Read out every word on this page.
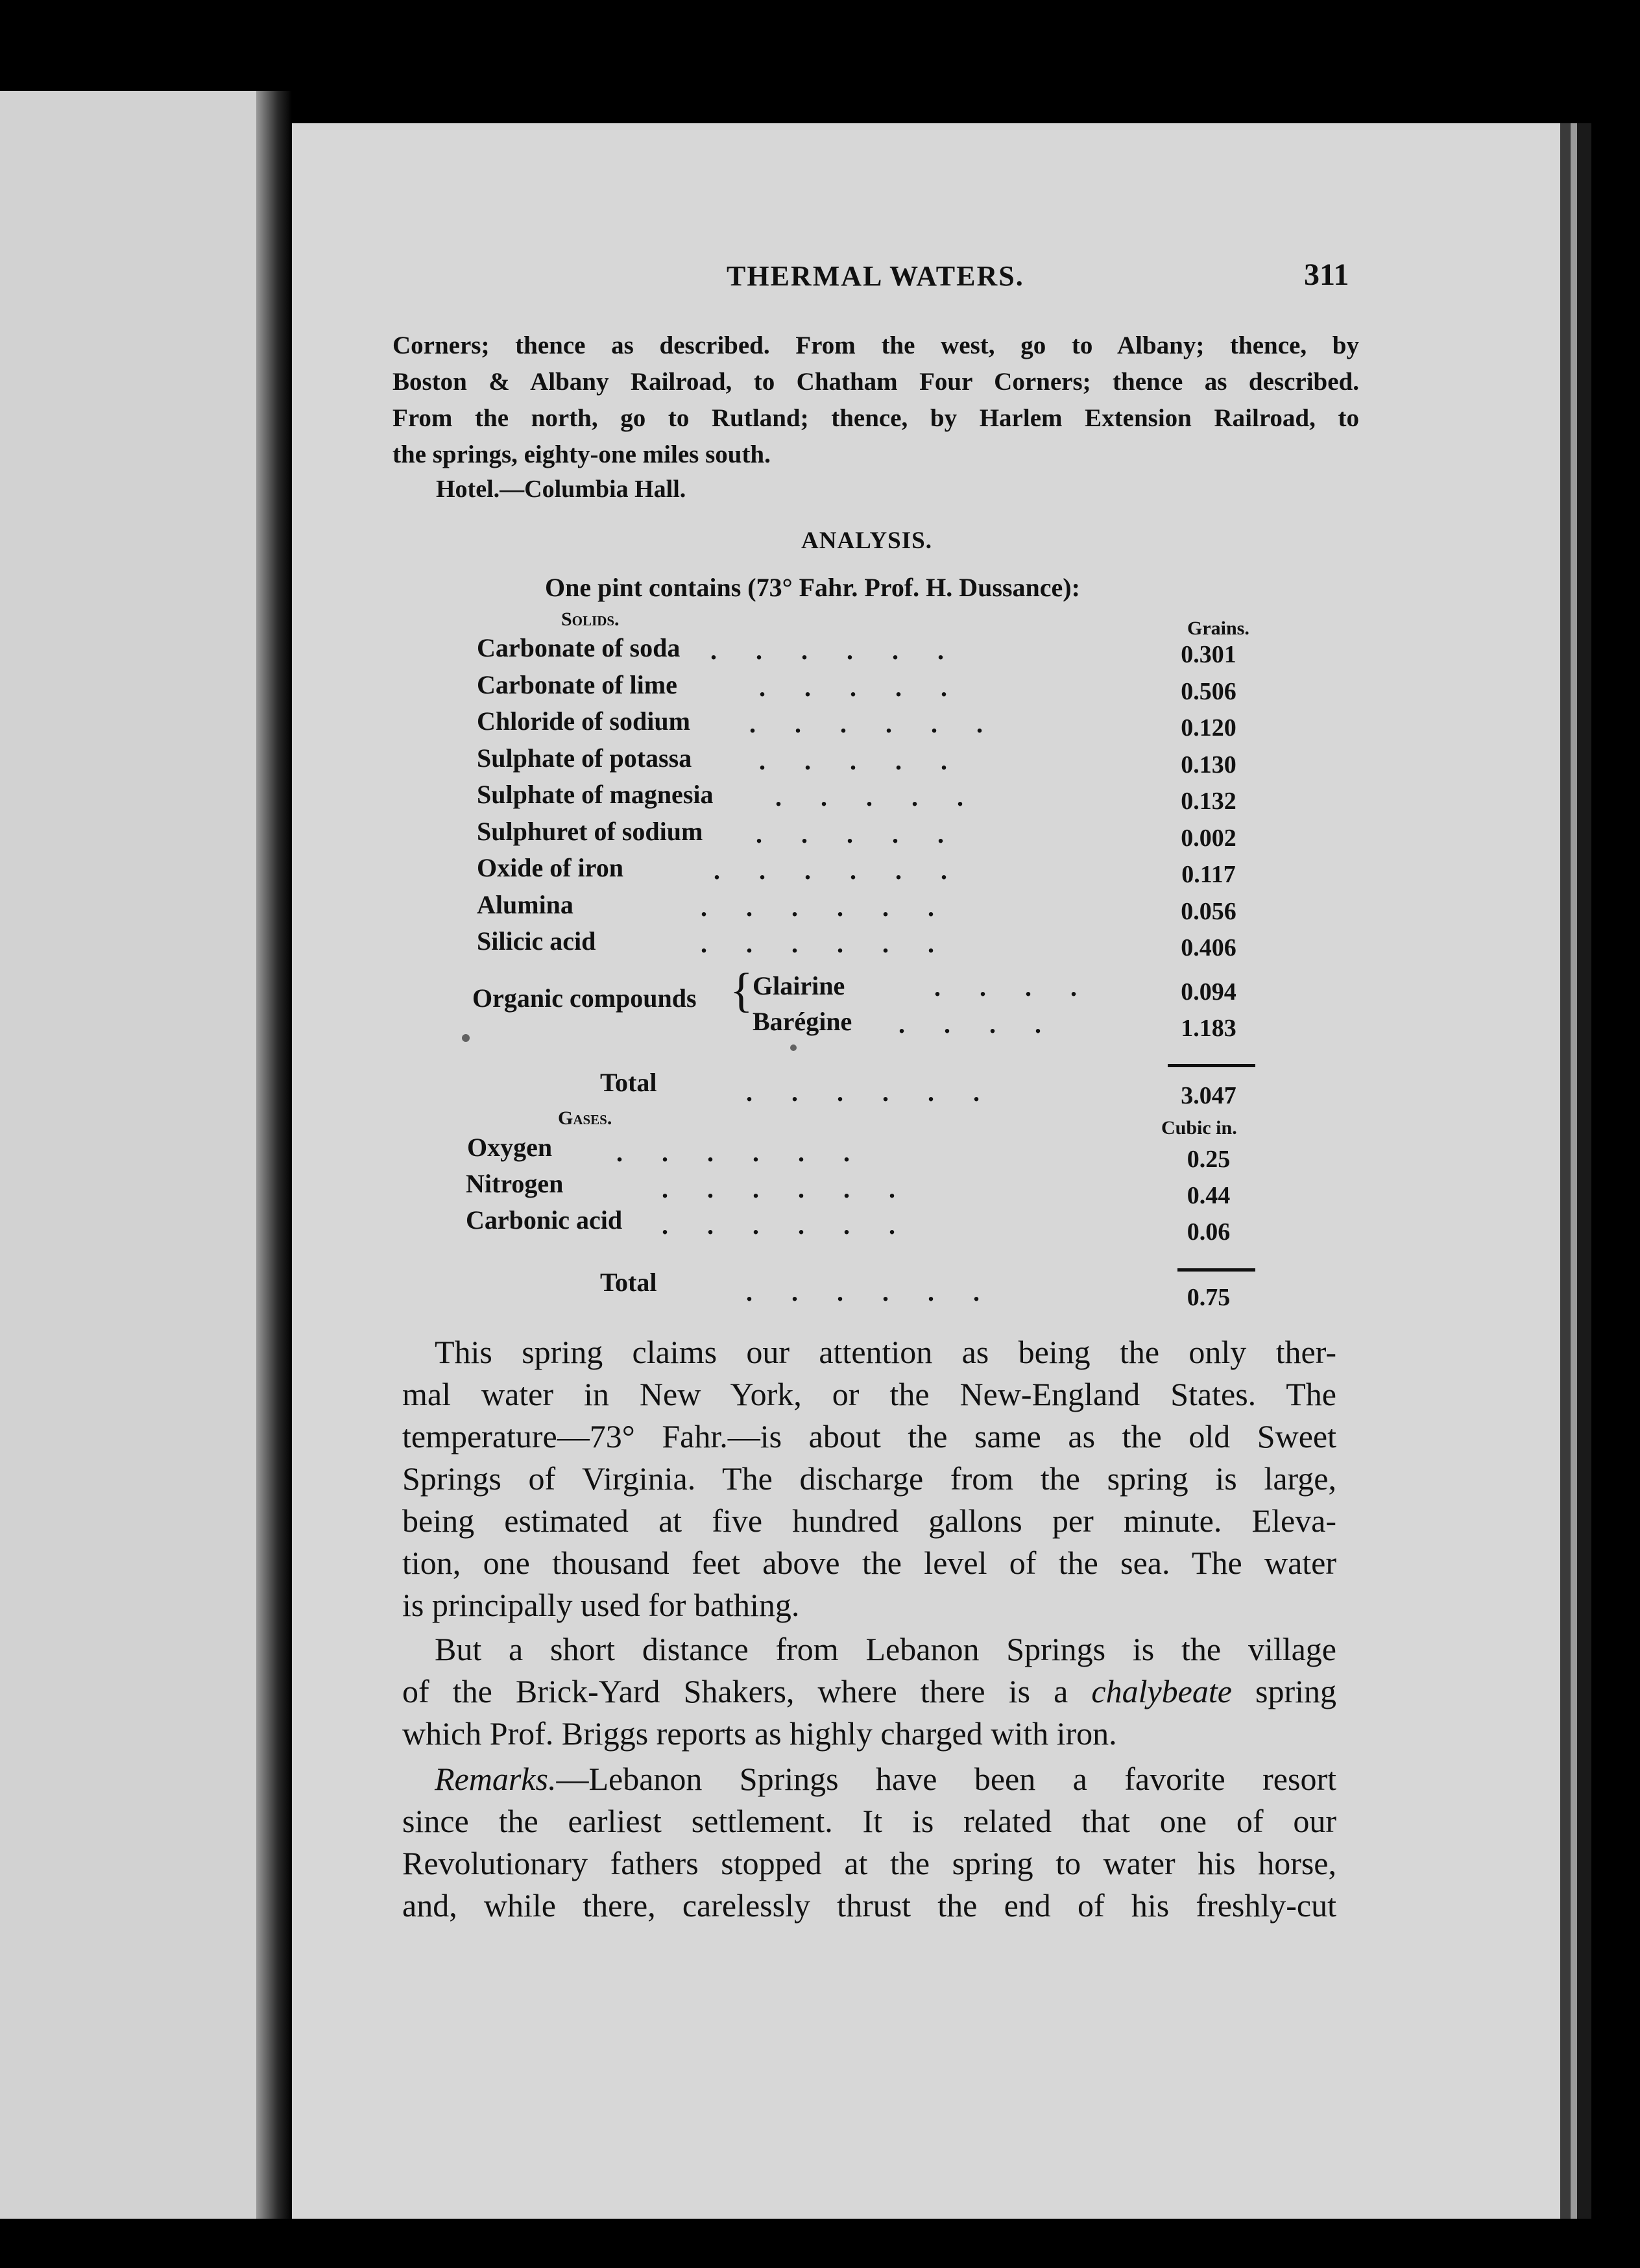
THERMAL WATERS.	311
Corners; thence as described. From the west, go to Albany; thence, by
Boston & Albany Railroad, to Chatham Four Corners; thence as described.
From the north, go to Rutland; thence, by Harlem Extension Railroad, to
the springs, eighty-one miles south.
Hotel.—Columbia Hall.
ANALYSIS.
One pint contains (73° Fahr. Prof. H. Dussance):
Solids.	Grains.
Carbonate of soda .      .      .      .      .      .	0.301
Carbonate of lime	.      .      .      .      .	0.506
Chloride of sodium .      .      .      .      .      .	0.120
Sulphate of potassa	.      .      .      .      .	0.130
Sulphate of magnesia .      .      .      .      .	0.132
Sulphuret of sodium .      .      .      .      .	0.002
Oxide of iron	.      .      .      .      .      .	0.117
Alumina	.      .      .      .      .      .	0.056
Silicic acid	.      .      .      .      .      .	0.406
Organic compounds { Glairine	.      .      .      .	0.094
Barégine .      .      .      .	1.183
Total	.      .      .      .      .      .	3.047
Gases.	Cubic in.
Oxygen .      .      .      .      .      .	0.25
Nitrogen	.      .      .      .      .      .	0.44
Carbonic acid .      .      .      .      .      .	0.06
Total	.      .      .      .      .      .	0.75
This spring claims our attention as being the only ther-
mal water in New York, or the New-England States. The
temperature—73° Fahr.—is about the same as the old Sweet
Springs of Virginia. The discharge from the spring is large,
being estimated at five hundred gallons per minute. Eleva-
tion, one thousand feet above the level of the sea. The water
is principally used for bathing.
But a short distance from Lebanon Springs is the village
of the Brick-Yard Shakers, where there is a chalybeate spring
which Prof. Briggs reports as highly charged with iron.
Remarks.—Lebanon Springs have been a favorite resort
since the earliest settlement. It is related that one of our
Revolutionary fathers stopped at the spring to water his horse,
and, while there, carelessly thrust the end of his freshly-cut
